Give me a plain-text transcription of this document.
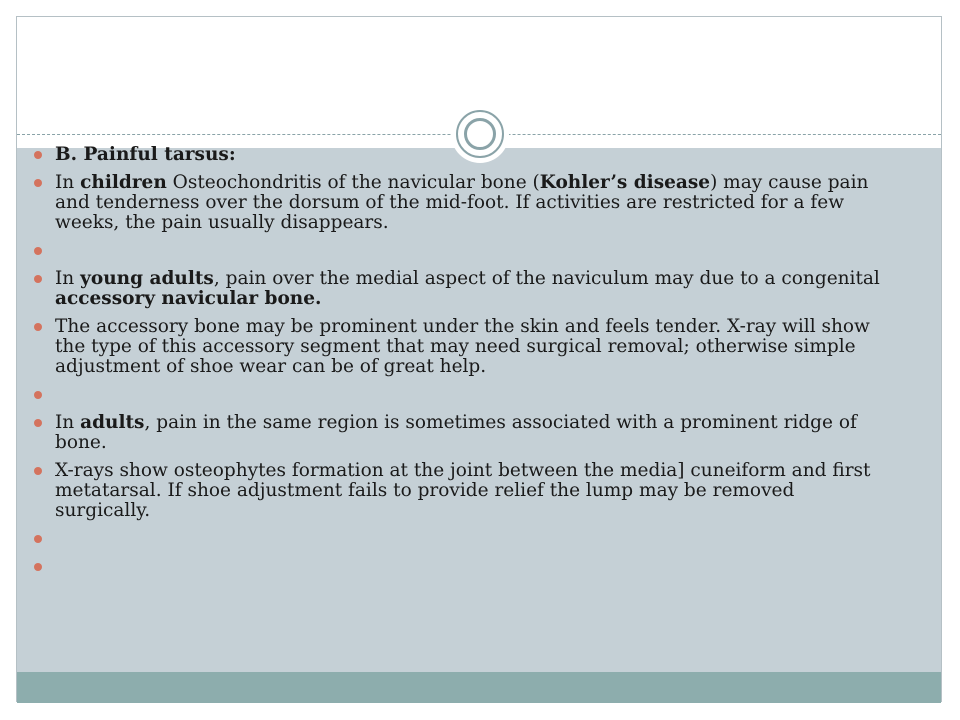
B. Painful tarsus:
In children Osteochondritis of the navicular bone (Kohler’s disease) may cause pain and tenderness over the dorsum of the mid-foot. If activities are restricted for a few weeks, the pain usually disappears.
In young adults, pain over the medial aspect of the naviculum may due to a congenital accessory navicular bone.
The accessory bone may be prominent under the skin and feels tender. X-ray will show the type of this accessory segment that may need surgical removal; otherwise simple adjustment of shoe wear can be of great help.
In adults, pain in the same region is sometimes associated with a prominent ridge of bone.
X-rays show osteophytes formation at the joint between the media] cuneiform and first metatarsal. If shoe adjustment fails to provide relief the lump may be removed surgically.
